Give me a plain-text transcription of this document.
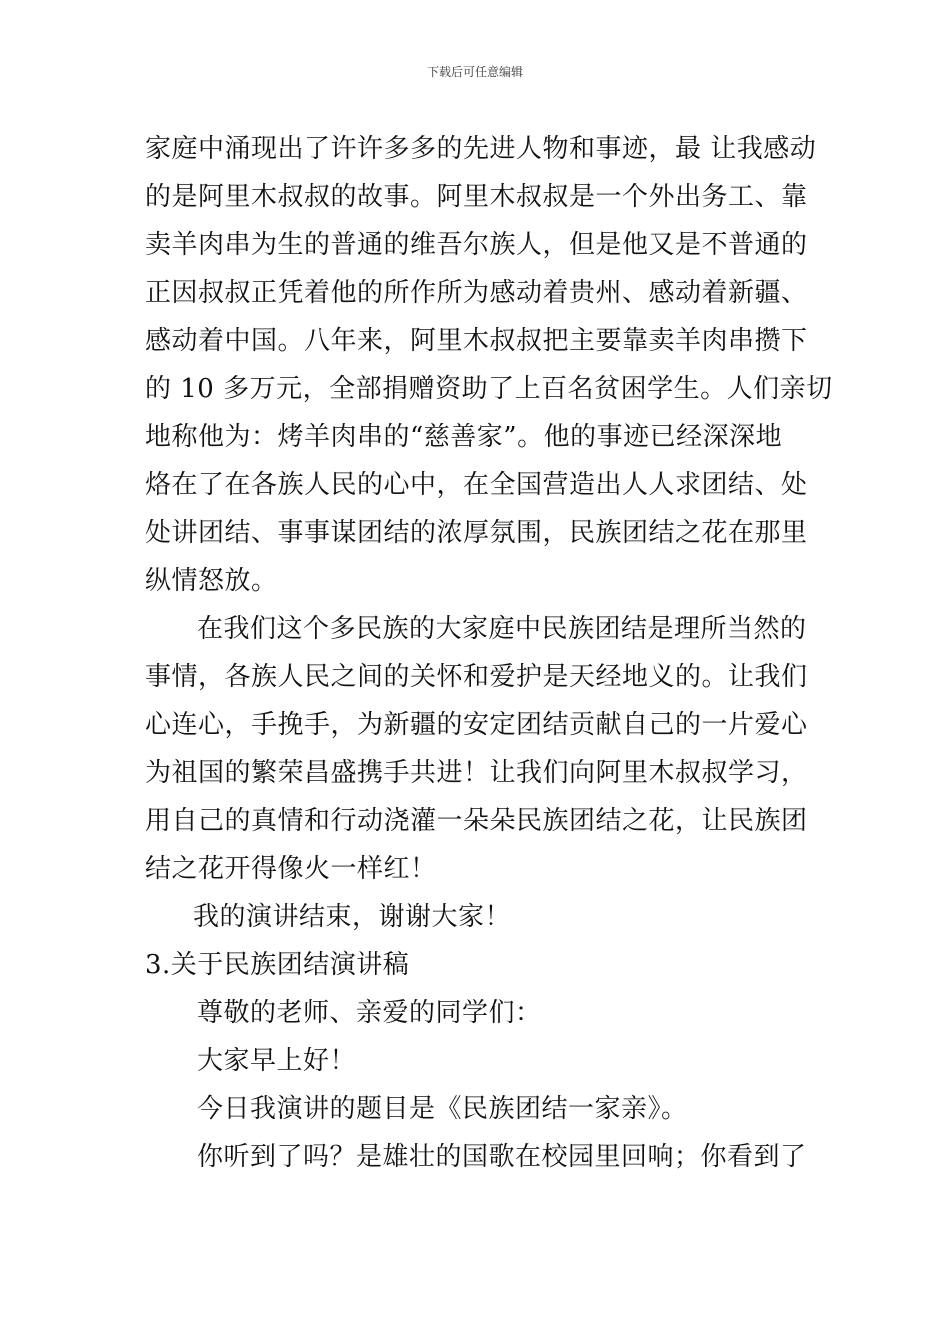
下载后可任意编辑
家庭中涌现出了许许多多的先进人物和事迹，最 让我感动
的是阿里木叔叔的故事。阿里木叔叔是一个外出务工、靠
卖羊肉串为生的普通的维吾尔族人，但是他又是不普通的
正因叔叔正凭着他的所作所为感动着贵州、感动着新疆、
感动着中国。八年来，阿里木叔叔把主要靠卖羊肉串攒下
的 10 多万元，全部捐赠资助了上百名贫困学生。人们亲切
地称他为：烤羊肉串的“慈善家”。他的事迹已经深深地
烙在了在各族人民的心中，在全国营造出人人求团结、处
处讲团结、事事谋团结的浓厚氛围，民族团结之花在那里
纵情怒放。
在我们这个多民族的大家庭中民族团结是理所当然的
事情，各族人民之间的关怀和爱护是天经地义的。让我们
心连心，手挽手，为新疆的安定团结贡献自己的一片爱心
为祖国的繁荣昌盛携手共进！让我们向阿里木叔叔学习，
用自己的真情和行动浇灌一朵朵民族团结之花，让民族团
结之花开得像火一样红！
我的演讲结束，谢谢大家！
3.关于民族团结演讲稿
尊敬的老师、亲爱的同学们：
大家早上好！
今日我演讲的题目是《民族团结一家亲》。
你听到了吗？是雄壮的国歌在校园里回响；你看到了
